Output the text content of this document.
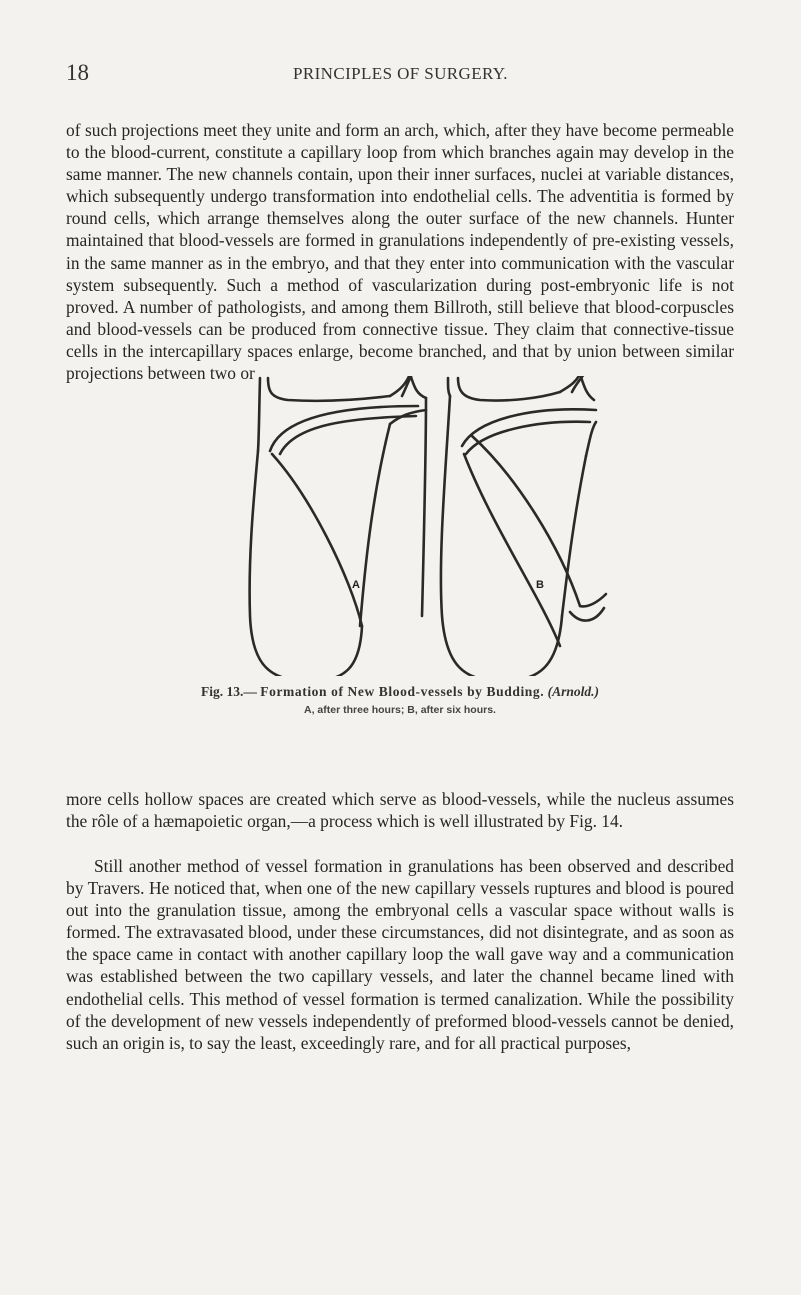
18	PRINCIPLES OF SURGERY.

of such projections meet they unite and form an arch, which, after they have become permeable to the blood-current, constitute a capillary loop from which branches again may develop in the same manner. The new channels contain, upon their inner surfaces, nuclei at variable distances, which subsequently undergo transformation into endothelial cells. The adventitia is formed by round cells, which arrange themselves along the outer surface of the new channels. Hunter maintained that blood-vessels are formed in granulations independently of pre-existing vessels, in the same manner as in the embryo, and that they enter into communication with the vascular system subsequently. Such a method of vascularization during post-embryonic life is not proved. A number of pathologists, and among them Billroth, still believe that blood-corpuscles and blood-vessels can be produced from connective tissue. They claim that connective-tissue cells in the intercapillary spaces enlarge, become branched, and that by union between similar projections between two or

A	B
Fig. 13.— Formation of New Blood-vessels by Budding. (Arnold.)
A, after three hours; B, after six hours.

more cells hollow spaces are created which serve as blood-vessels, while the nucleus assumes the rôle of a hæmapoietic organ,—a process which is well illustrated by Fig. 14.

Still another method of vessel formation in granulations has been observed and described by Travers. He noticed that, when one of the new capillary vessels ruptures and blood is poured out into the granulation tissue, among the embryonal cells a vascular space without walls is formed. The extravasated blood, under these circumstances, did not disintegrate, and as soon as the space came in contact with another capillary loop the wall gave way and a communication was established between the two capillary vessels, and later the channel became lined with endothelial cells. This method of vessel formation is termed canalization. While the possibility of the development of new vessels independently of preformed blood-vessels cannot be denied, such an origin is, to say the least, exceedingly rare, and for all practical purposes,
